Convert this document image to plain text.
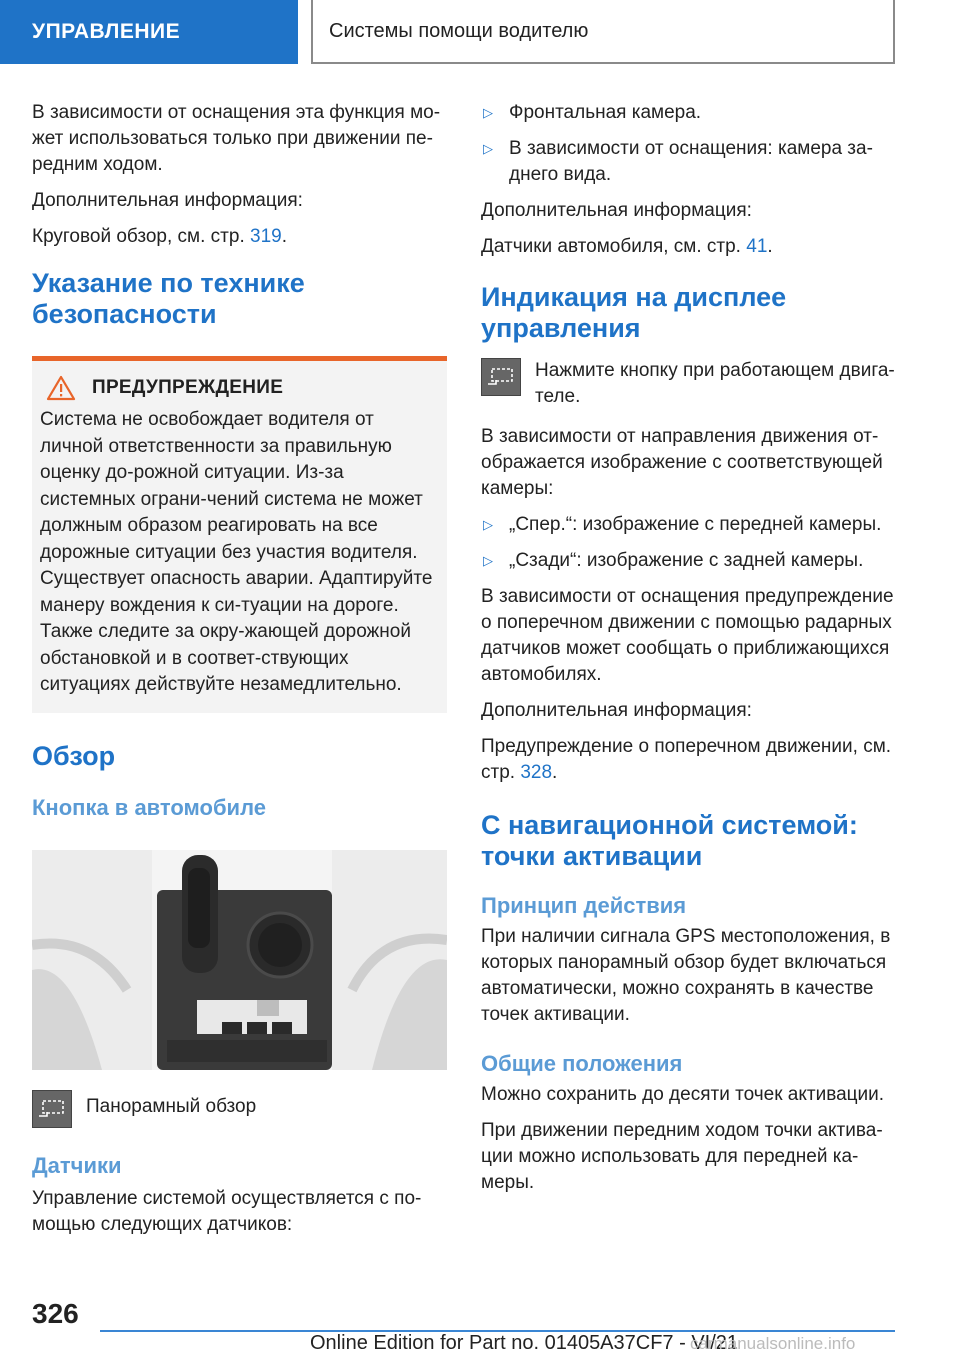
УПРАВЛЕНИЕ	Системы помощи водителю

В зависимости от оснащения эта функция мо-жет использоваться только при движении пе-редним ходом.

Дополнительная информация:

Круговой обзор, см. стр. 319.

Указание по технике безопасности
ПРЕДУПРЕЖДЕНИЕ

Система не освобождает водителя от личной ответственности за правильную оценку до-рожной ситуации. Из-за системных ограни-чений система не может должным образом реагировать на все дорожные ситуации без участия водителя. Существует опасность аварии. Адаптируйте манеру вождения к си-туации на дороге. Также следите за окру-жающей дорожной обстановкой и в соответ-ствующих ситуациях действуйте незамедлительно.

Обзор
Кнопка в автомобиле

Панорамный обзор

Датчики

Управление системой осуществляется с по-мощью следующих датчиков:

▷ Фронтальная камера.
▷ В зависимости от оснащения: камера за-днего вида.

Дополнительная информация:

Датчики автомобиля, см. стр. 41.

Индикация на дисплее управления

Нажмите кнопку при работающем двига-теле.

В зависимости от направления движения от-ображается изображение с соответствующей камеры:

▷ „Спер.“: изображение с передней камеры.
▷ „Сзади“: изображение с задней камеры.

В зависимости от оснащения предупреждение о поперечном движении с помощью радарных датчиков может сообщать о приближающихся автомобилях.

Дополнительная информация:

Предупреждение о поперечном движении, см. стр. 328.

С навигационной системой: точки активации
Принцип действия

При наличии сигнала GPS местоположения, в которых панорамный обзор будет включаться автоматически, можно сохранять в качестве точек активации.

Общие положения

Можно сохранить до десяти точек активации.

При движении передним ходом точки актива-ции можно использовать для передней ка-меры.

326
Online Edition for Part no. 01405A37CF7 - VI/21
carmanualsonline.info
